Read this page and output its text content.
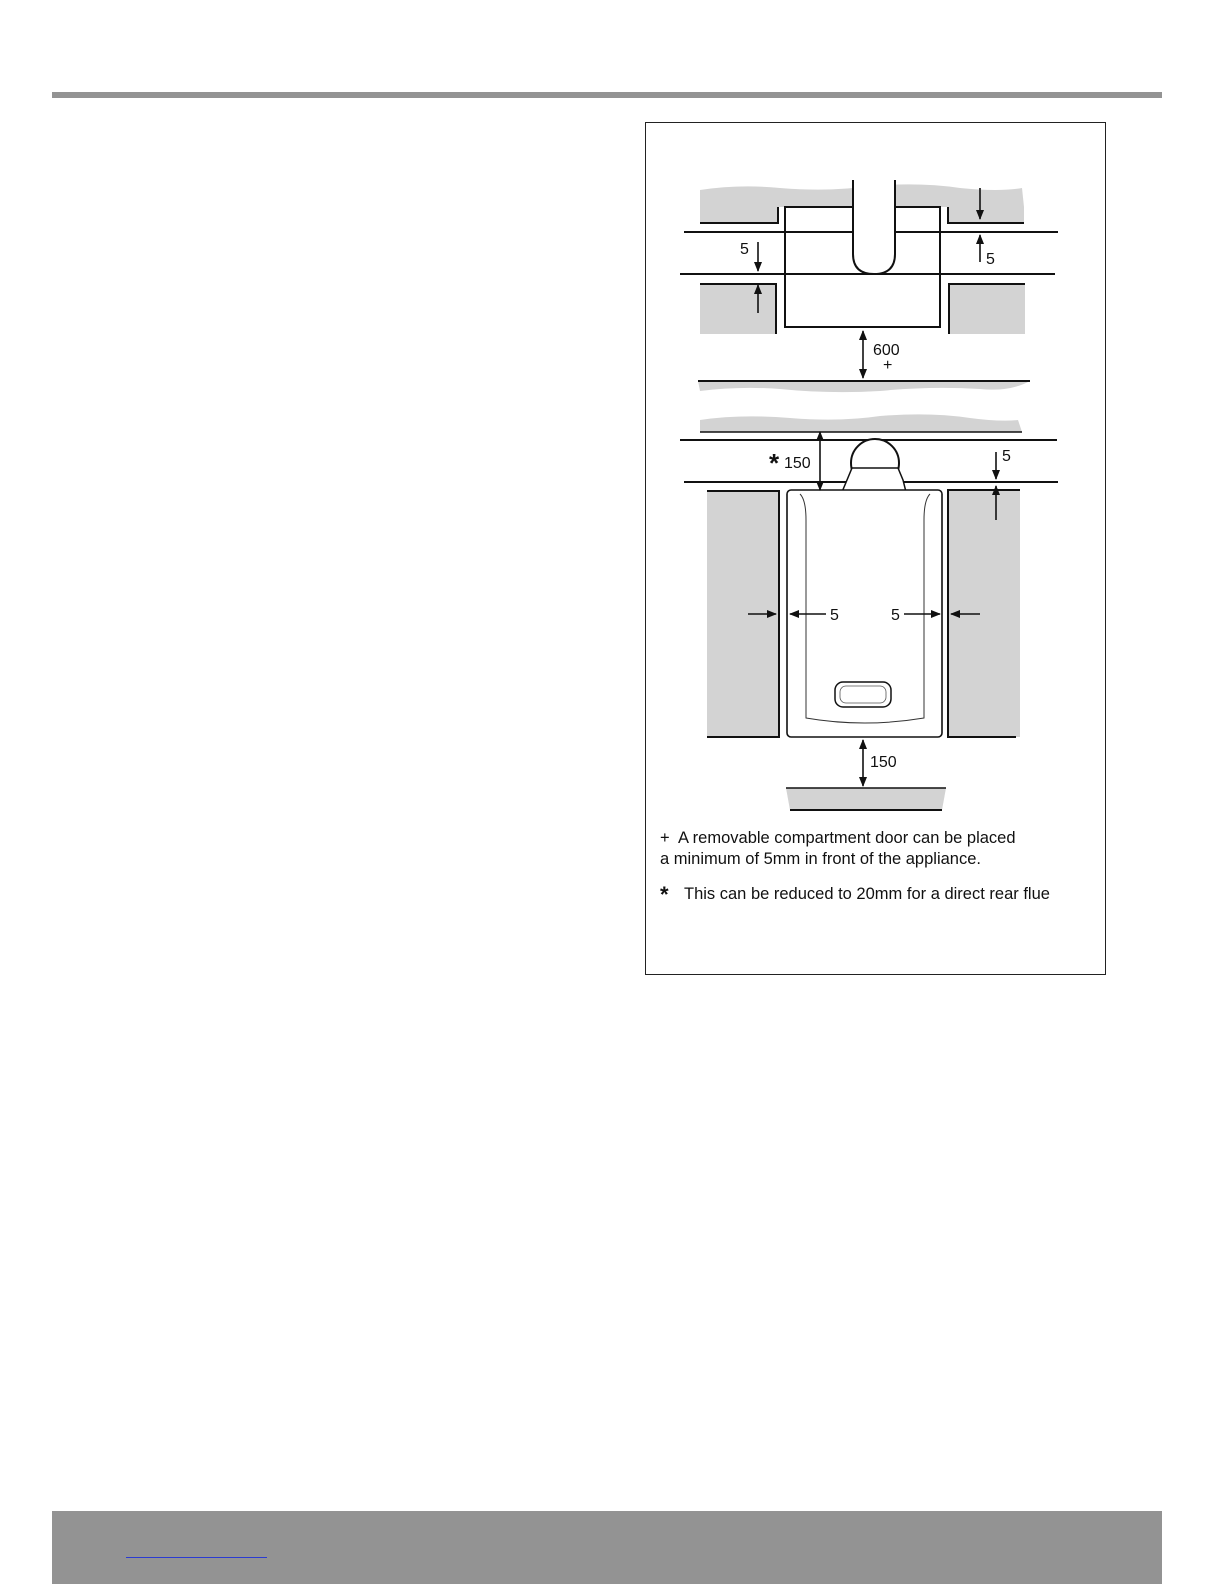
5
5
600
+
* 150	5
5	5
150
+ A removable compartment door can be placed
a minimum of 5mm in front of the appliance.
* This can be reduced to 20mm for a direct rear flue
